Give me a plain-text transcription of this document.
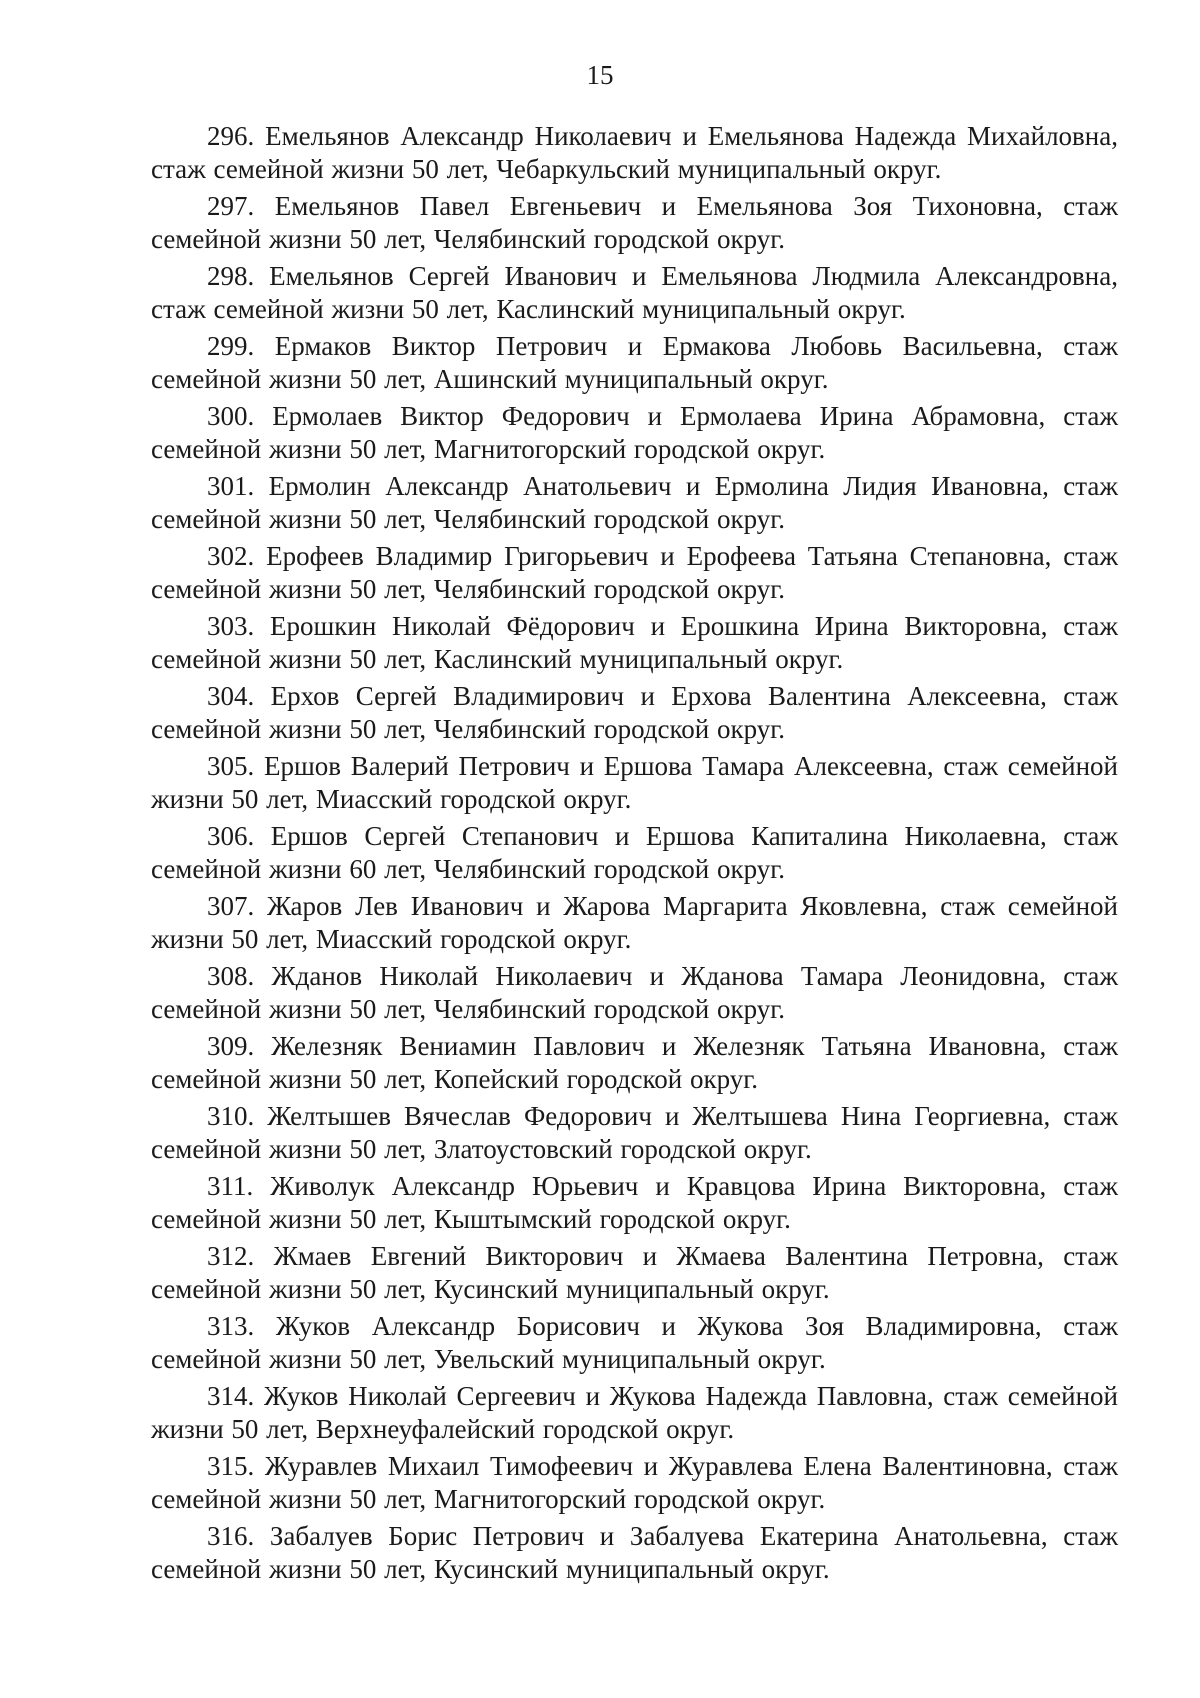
15

296. Емельянов Александр Николаевич и Емельянова Надежда Михайловна, стаж семейной жизни 50 лет, Чебаркульский муниципальный округ.

297. Емельянов Павел Евгеньевич и Емельянова Зоя Тихоновна, стаж семейной жизни 50 лет, Челябинский городской округ.

298. Емельянов Сергей Иванович и Емельянова Людмила Александровна, стаж семейной жизни 50 лет, Каслинский муниципальный округ.

299. Ермаков Виктор Петрович и Ермакова Любовь Васильевна, стаж семейной жизни 50 лет, Ашинский муниципальный округ.

300. Ермолаев Виктор Федорович и Ермолаева Ирина Абрамовна, стаж семейной жизни 50 лет, Магнитогорский городской округ.

301. Ермолин Александр Анатольевич и Ермолина Лидия Ивановна, стаж семейной жизни 50 лет, Челябинский городской округ.

302. Ерофеев Владимир Григорьевич и Ерофеева Татьяна Степановна, стаж семейной жизни 50 лет, Челябинский городской округ.

303. Ерошкин Николай Фёдорович и Ерошкина Ирина Викторовна, стаж семейной жизни 50 лет, Каслинский муниципальный округ.

304. Ерхов Сергей Владимирович и Ерхова Валентина Алексеевна, стаж семейной жизни 50 лет, Челябинский городской округ.

305. Ершов Валерий Петрович и Ершова Тамара Алексеевна, стаж семейной жизни 50 лет, Миасский городской округ.

306. Ершов Сергей Степанович и Ершова Капиталина Николаевна, стаж семейной жизни 60 лет, Челябинский городской округ.

307. Жаров Лев Иванович и Жарова Маргарита Яковлевна, стаж семейной жизни 50 лет, Миасский городской округ.

308. Жданов Николай Николаевич и Жданова Тамара Леонидовна, стаж семейной жизни 50 лет, Челябинский городской округ.

309. Железняк Вениамин Павлович и Железняк Татьяна Ивановна, стаж семейной жизни 50 лет, Копейский городской округ.

310. Желтышев Вячеслав Федорович и Желтышева Нина Георгиевна, стаж семейной жизни 50 лет, Златоустовский городской округ.

311. Живолук Александр Юрьевич и Кравцова Ирина Викторовна, стаж семейной жизни 50 лет, Кыштымский городской округ.

312. Жмаев Евгений Викторович и Жмаева Валентина Петровна, стаж семейной жизни 50 лет, Кусинский муниципальный округ.

313. Жуков Александр Борисович и Жукова Зоя Владимировна, стаж семейной жизни 50 лет, Увельский муниципальный округ.

314. Жуков Николай Сергеевич и Жукова Надежда Павловна, стаж семейной жизни 50 лет, Верхнеуфалейский городской округ.

315. Журавлев Михаил Тимофеевич и Журавлева Елена Валентиновна, стаж семейной жизни 50 лет, Магнитогорский городской округ.

316. Забалуев Борис Петрович и Забалуева Екатерина Анатольевна, стаж семейной жизни 50 лет, Кусинский муниципальный округ.
